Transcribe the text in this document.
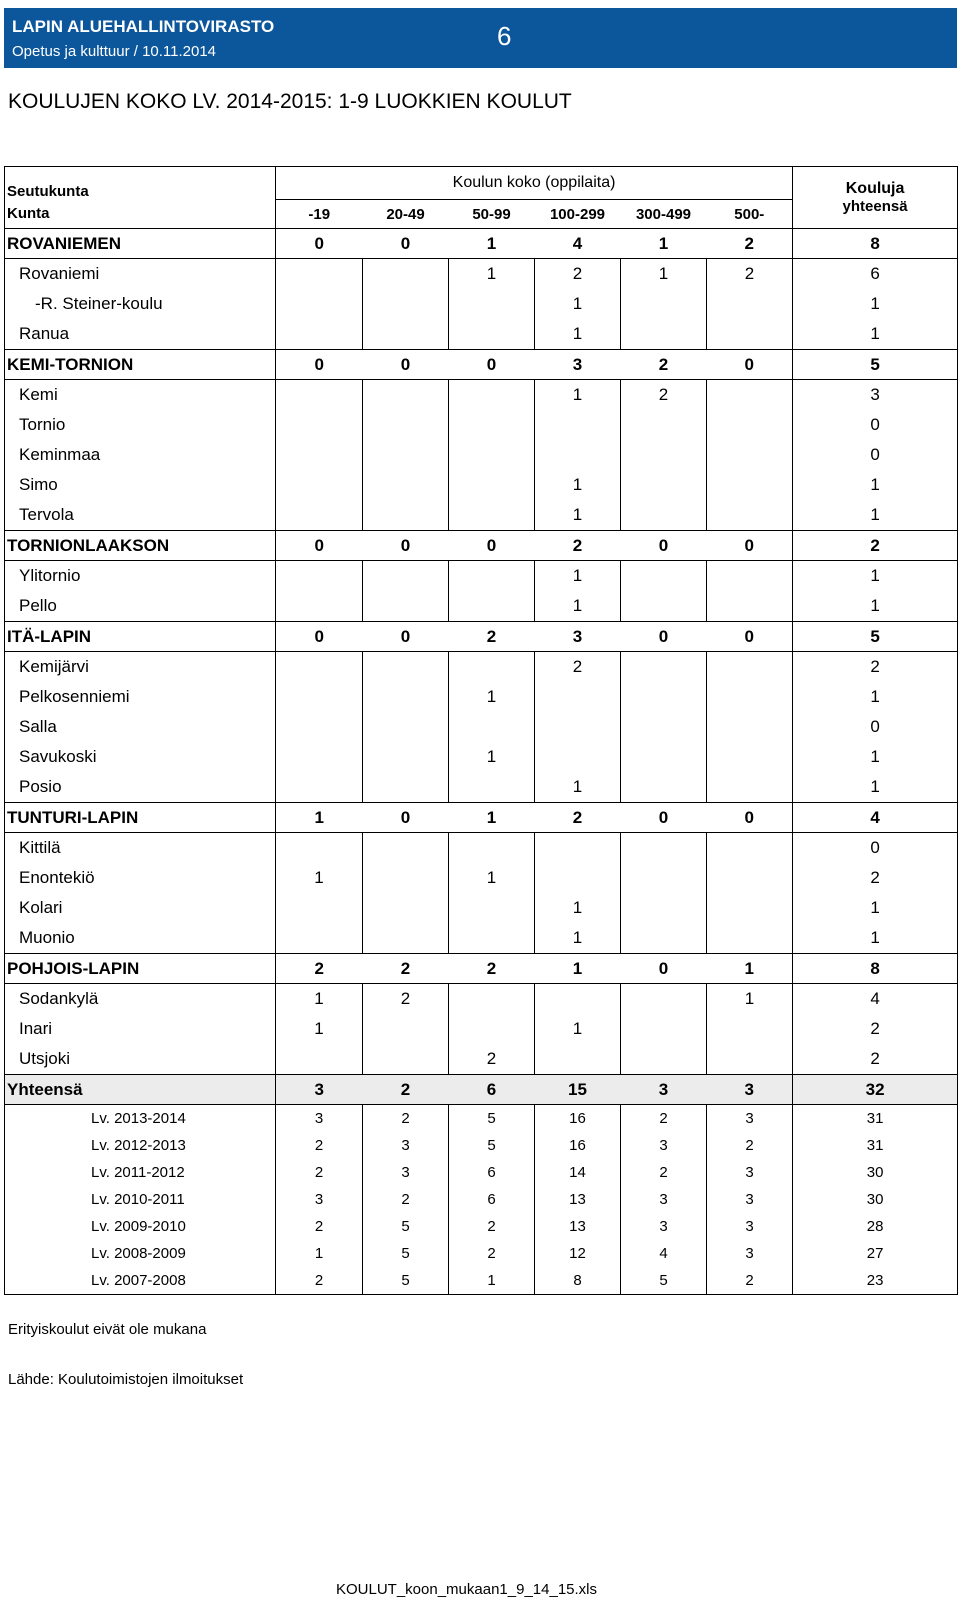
LAPIN ALUEHALLINTOVIRASTO
Opetus ja kulttuur / 10.11.2014
6
KOULUJEN KOKO LV. 2014-2015: 1-9 LUOKKIEN KOULUT
Seutukunta	Koulun koko (oppilaita)						Kouluja
yhteensä

Kunta	-19	20-49	50-99	100-299	300-499	500-	
ROVANIEMEN	0	0	1	4	1	2	8
Rovaniemi			1	2	1	2	6
-R. Steiner-koulu				1			1
Ranua				1			1
KEMI-TORNION	0	0	0	3	2	0	5
Kemi				1	2		3
Tornio							0
Keminmaa							0
Simo				1			1
Tervola				1			1
TORNIONLAAKSON	0	0	0	2	0	0	2
Ylitornio				1			1
Pello				1			1
ITÄ-LAPIN	0	0	2	3	0	0	5
Kemijärvi				2			2
Pelkosenniemi			1				1
Salla							0
Savukoski			1				1
Posio				1			1
TUNTURI-LAPIN	1	0	1	2	0	0	4
Kittilä							0
Enontekiö	1		1				2
Kolari				1			1
Muonio				1			1
POHJOIS-LAPIN	2	2	2	1	0	1	8
Sodankylä	1	2				1	4
Inari	1			1			2
Utsjoki			2				2
Yhteensä	3	2	6	15	3	3	32
Lv. 2013-2014	3	2	5	16	2	3	31
Lv. 2012-2013	2	3	5	16	3	2	31
Lv. 2011-2012	2	3	6	14	2	3	30
Lv. 2010-2011	3	2	6	13	3	3	30
Lv. 2009-2010	2	5	2	13	3	3	28
Lv. 2008-2009	1	5	2	12	4	3	27
Lv. 2007-2008	2	5	1	8	5	2	23
Erityiskoulut eivät ole mukana
Lähde: Koulutoimistojen ilmoitukset
KOULUT_koon_mukaan1_9_14_15.xls
